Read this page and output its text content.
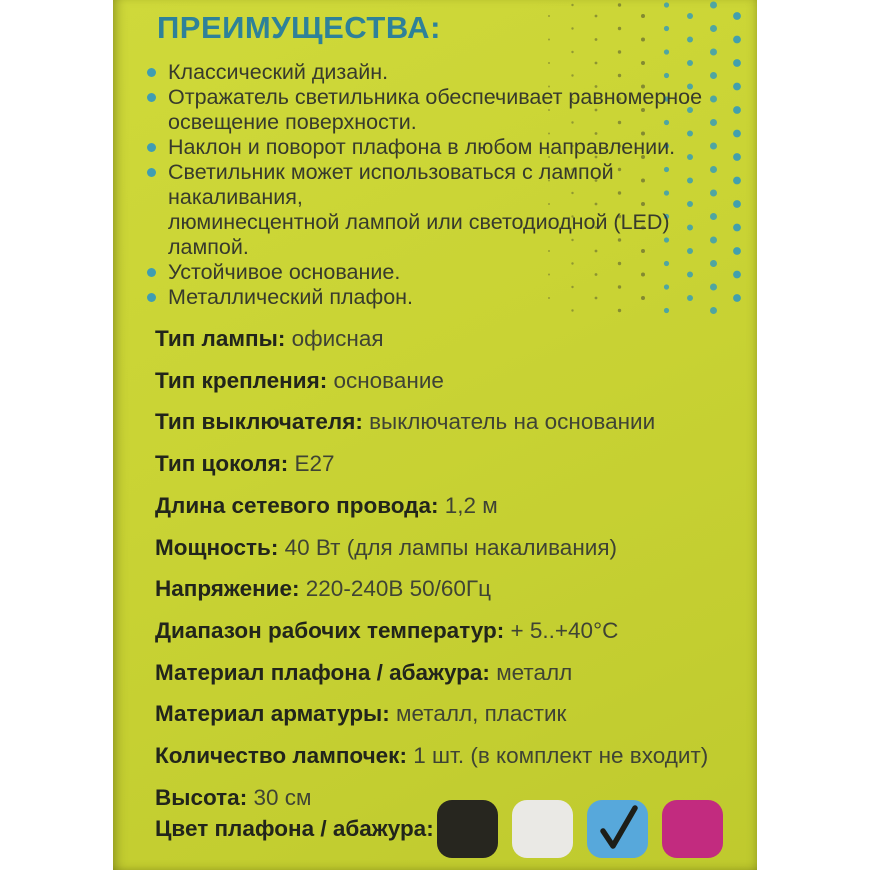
ПРЕИМУЩЕСТВА:
Классический дизайн.
Отражатель светильника обеспечивает равномерное
освещение поверхности.
Наклон и поворот плафона в любом направлении.
Светильник может использоваться с лампой накаливания,
люминесцентной лампой или светодиодной (LED) лампой.
Устойчивое основание.
Металлический плафон.
Тип лампы: офисная
Тип крепления: основание
Тип выключателя: выключатель на основании
Тип цоколя: E27
Длина сетевого провода: 1,2 м
Мощность: 40 Вт (для лампы накаливания)
Напряжение: 220-240В 50/60Гц
Диапазон рабочих температур: + 5..+40°C
Материал плафона / абажура: металл
Материал арматуры: металл, пластик
Количество лампочек: 1 шт. (в комплект не входит)
Высота: 30 см
Цвет плафона / абажура:
